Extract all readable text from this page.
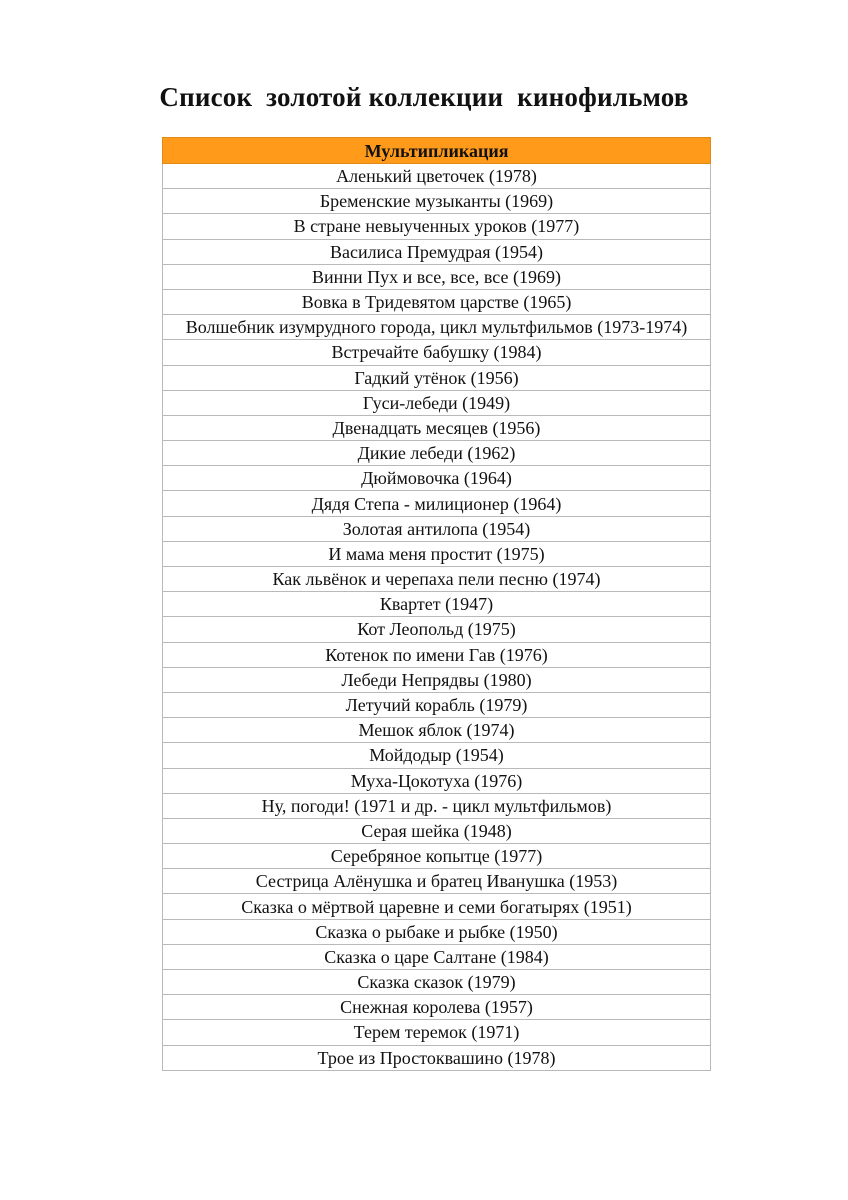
Список  золотой коллекции  кинофильмов
Мультипликация
Аленький цветочек (1978)
Бременские музыканты (1969)
В стране невыученных уроков (1977)
Василиса Премудрая (1954)
Винни Пух и все, все, все (1969)
Вовка в Тридевятом царстве (1965)
Волшебник изумрудного города, цикл мультфильмов (1973-1974)
Встречайте бабушку (1984)
Гадкий утёнок (1956)
Гуси-лебеди (1949)
Двенадцать месяцев (1956)
Дикие лебеди (1962)
Дюймовочка (1964)
Дядя Степа - милиционер (1964)
Золотая антилопа (1954)
И мама меня простит (1975)
Как львёнок и черепаха пели песню (1974)
Квартет (1947)
Кот Леопольд (1975)
Котенок по имени Гав (1976)
Лебеди Непрядвы (1980)
Летучий корабль (1979)
Мешок яблок (1974)
Мойдодыр (1954)
Муха-Цокотуха (1976)
Ну, погоди! (1971 и др. - цикл мультфильмов)
Серая шейка (1948)
Серебряное копытце (1977)
Сестрица Алёнушка и братец Иванушка (1953)
Сказка о мёртвой царевне и семи богатырях (1951)
Сказка о рыбаке и рыбке (1950)
Сказка о царе Салтане (1984)
Сказка сказок (1979)
Снежная королева (1957)
Терем теремок (1971)
Трое из Простоквашино (1978)
